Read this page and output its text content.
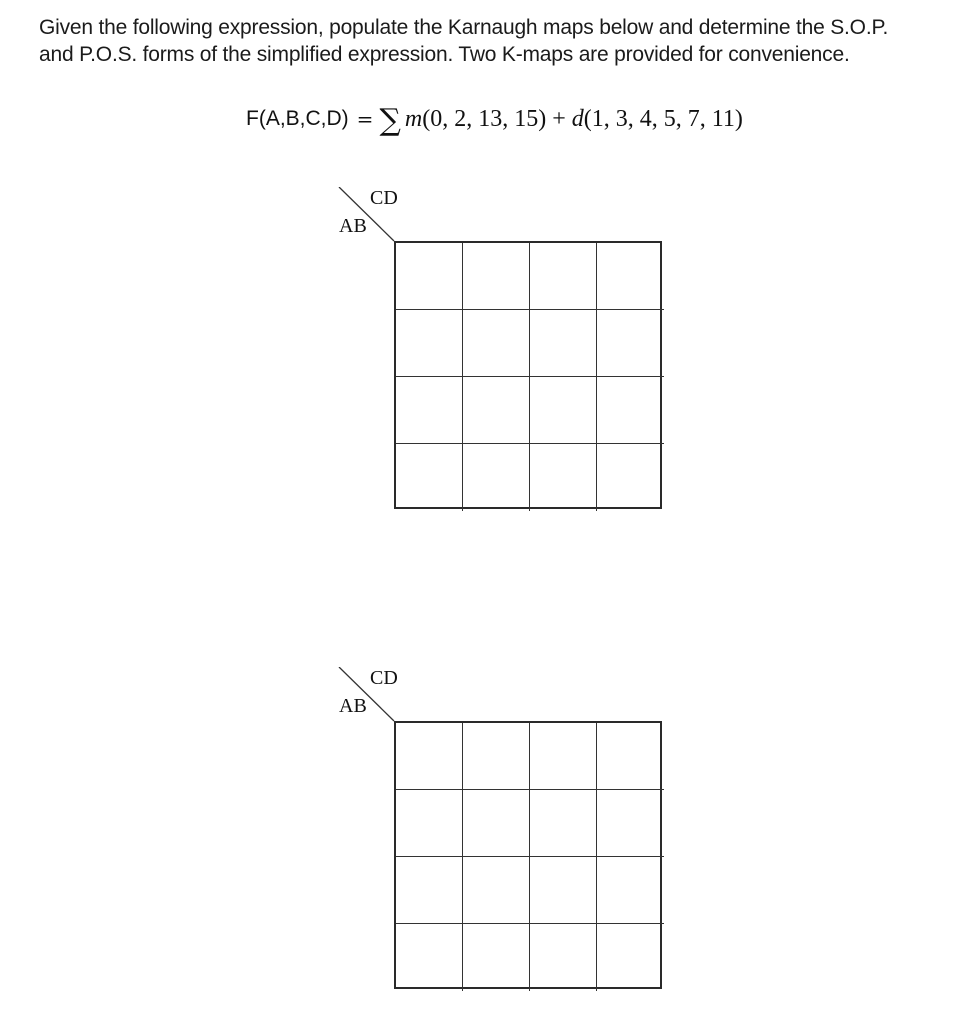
Given the following expression, populate the Karnaugh maps below and determine the S.O.P.
and P.O.S. forms of the simplified expression. Two K-maps are provided for convenience.
F(A,B,C,D) = ∑ m (0, 2, 13, 15) + d (1, 3, 4, 5, 7, 11)
CD
AB
CD
AB
